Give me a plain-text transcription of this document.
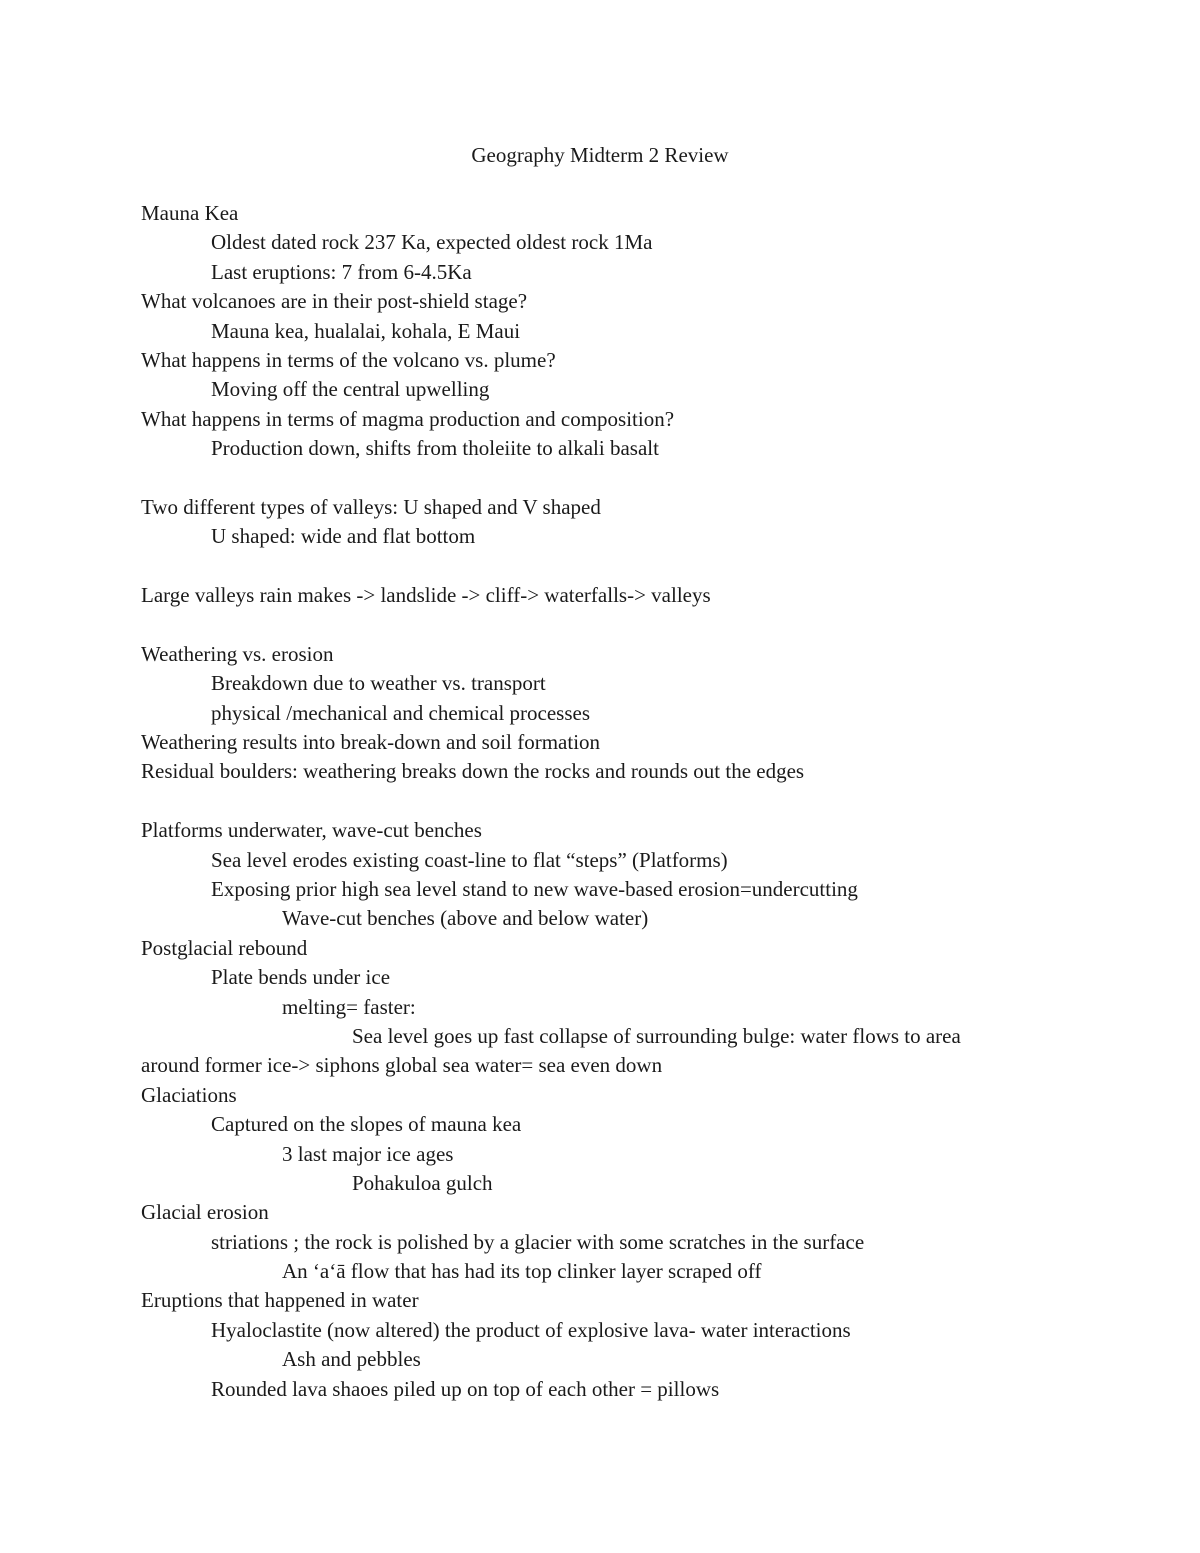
Geography Midterm 2 Review
Mauna Kea
Oldest dated rock 237 Ka, expected oldest rock 1Ma
Last eruptions: 7 from 6-4.5Ka
What volcanoes are in their post-shield stage?
Mauna kea, hualalai, kohala, E Maui
What happens in terms of the volcano vs. plume?
Moving off the central upwelling
What happens in terms of magma production and composition?
Production down, shifts from tholeiite to alkali basalt
Two different types of valleys: U shaped and V shaped
U shaped: wide and flat bottom
Large valleys rain makes -> landslide -> cliff-> waterfalls-> valleys
Weathering vs. erosion
Breakdown due to weather vs. transport
physical /mechanical and chemical processes
Weathering results into break-down and soil formation
Residual boulders: weathering breaks down the rocks and rounds out the edges
Platforms underwater, wave-cut benches
Sea level erodes existing coast-line to flat “steps” (Platforms)
Exposing prior high sea level stand to new wave-based erosion=undercutting
Wave-cut benches (above and below water)
Postglacial rebound
Plate bends under ice
melting= faster:
Sea level goes up fast collapse of surrounding bulge: water flows to area
around former ice-> siphons global sea water= sea even down
Glaciations
Captured on the slopes of mauna kea
3 last major ice ages
Pohakuloa gulch
Glacial erosion
striations ; the rock is polished by a glacier with some scratches in the surface
An ‘a‘ā flow that has had its top clinker layer scraped off
Eruptions that happened in water
Hyaloclastite (now altered) the product of explosive lava- water interactions
Ash and pebbles
Rounded lava shaoes piled up on top of each other = pillows
